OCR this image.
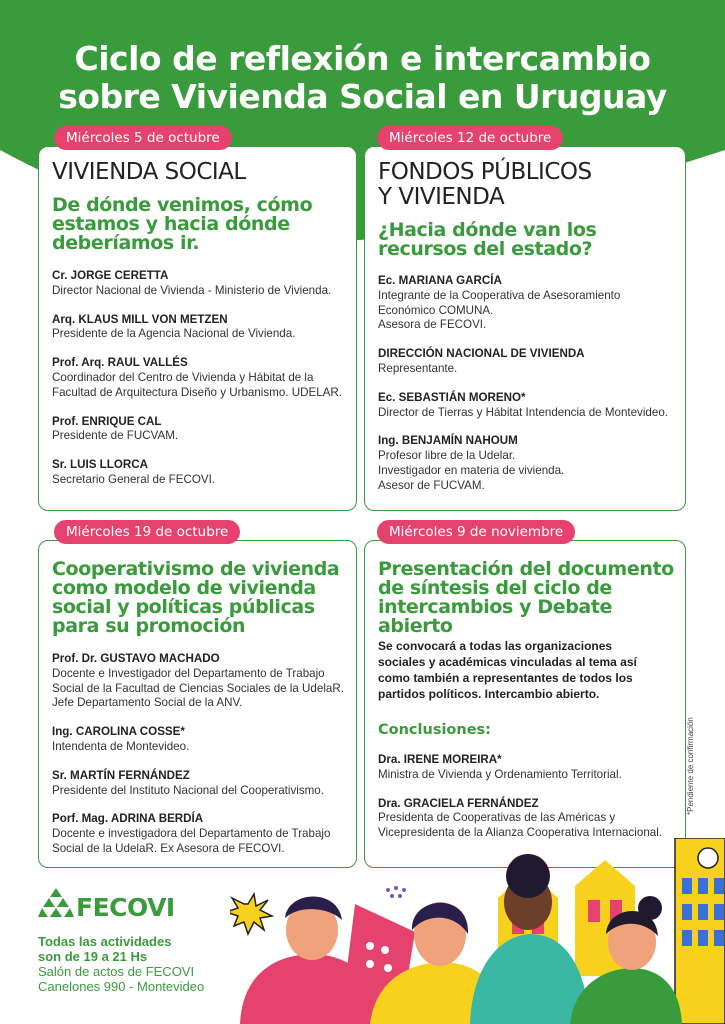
Ciclo de reflexión e intercambio
sobre Vivienda Social en Uruguay
Miércoles 5 de octubre
VIVIENDA SOCIAL
De dónde venimos, cómo
estamos y hacia dónde
deberíamos ir.
Cr. JORGE CERETTA
Director Nacional de Vivienda - Ministerio de Vivienda.
Arq. KLAUS MILL VON METZEN
Presidente de la Agencia Nacional de Vivienda.
Prof. Arq. RAUL VALLÉS
Coordinador del Centro de Vivienda y Hábitat de la
Facultad de Arquitectura Diseño y Urbanismo. UDELAR.
Prof. ENRIQUE CAL
Presidente de FUCVAM.
Sr. LUIS LLORCA
Secretario General de FECOVI.
Miércoles 12 de octubre
FONDOS PÚBLICOS
Y VIVIENDA
¿Hacia dónde van los
recursos del estado?
Ec. MARIANA GARCÍA
Integrante de la Cooperativa de Asesoramiento
Económico COMUNA.
Asesora de FECOVI.
DIRECCIÓN NACIONAL DE VIVIENDA
Representante.
Ec. SEBASTIÁN MORENO*
Director de Tierras y Hábitat Intendencia de Montevideo.
Ing. BENJAMÍN NAHOUM
Profesor libre de la Udelar.
Investigador en materia de vivienda.
Asesor de FUCVAM.
Miércoles 19 de octubre
Cooperativismo de vivienda
como modelo de vivienda
social y políticas públicas
para su promoción
Prof. Dr. GUSTAVO MACHADO
Docente e Investigador del Departamento de Trabajo
Social de la Facultad de Ciencias Sociales de la UdelaR.
Jefe Departamento Social de la ANV.
Ing. CAROLINA COSSE*
Intendenta de Montevideo.
Sr. MARTÍN FERNÁNDEZ
Presidente del Instituto Nacional del Cooperativismo.
Porf. Mag. ADRINA BERDÍA
Docente e investigadora del Departamento de Trabajo
Social de la UdelaR. Ex Asesora de FECOVI.
Miércoles 9 de noviembre
Presentación del documento
de síntesis del ciclo de
intercambios y Debate abierto
Se convocará a todas las organizaciones
sociales y académicas vinculadas al tema así
como también a representantes de todos los
partidos políticos. Intercambio abierto.
Conclusiones:
Dra. IRENE MOREIRA*
Ministra de Vivienda y Ordenamiento Territorial.
Dra. GRACIELA FERNÁNDEZ
Presidenta de Cooperativas de las Américas y
Vicepresidenta de la Alianza Cooperativa Internacional.
*Pendiente de confirmación
FECOVI
Todas las actividades
son de 19 a 21 Hs
Salón de actos de FECOVI
Canelones 990 - Montevideo
